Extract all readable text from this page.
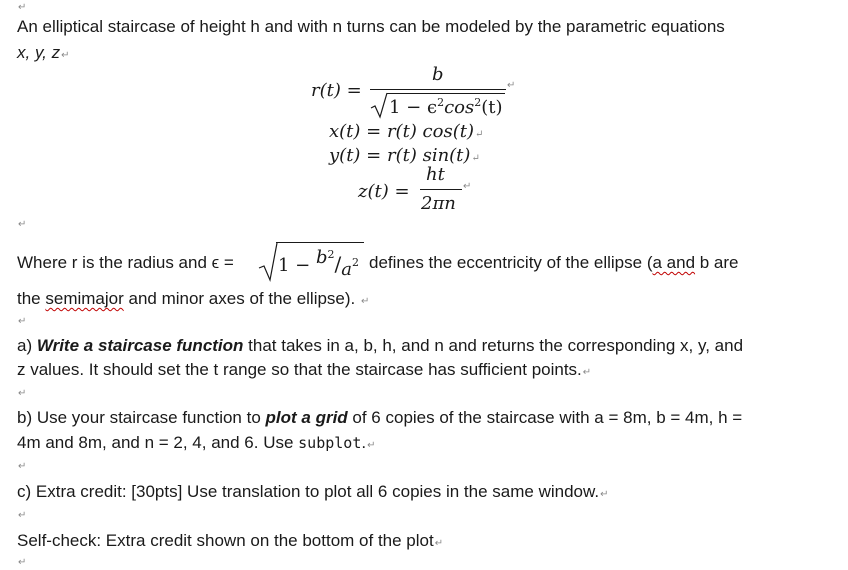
↵
An elliptical staircase of height h and with n turns can be modeled by the parametric equations
x, y, z↵
r(t) =
b
↵
$1 - \epsilon^2\cos^2(t)$
x(t) = r(t) cos(t)↵
y(t) = r(t) sin(t)↵
z(t) =
ht
↵
2πn
↵
Where r is the radius and $\epsilon = 1 - b^2/a^2$ defines the eccentricity of the ellipse (a and b are
the semimajor and minor axes of the ellipse). ↵
↵
a) Write a staircase function that takes in a, b, h, and n and returns the corresponding x, y, and
z values. It should set the t range so that the staircase has sufficient points.↵
↵
b) Use your staircase function to plot a grid of 6 copies of the staircase with a = 8m, b = 4m, h =
4m and 8m, and n = 2, 4, and 6. Use subplot.↵
↵
c) Extra credit: [30pts] Use translation to plot all 6 copies in the same window.↵
↵
Self-check: Extra credit shown on the bottom of the plot↵
↵
